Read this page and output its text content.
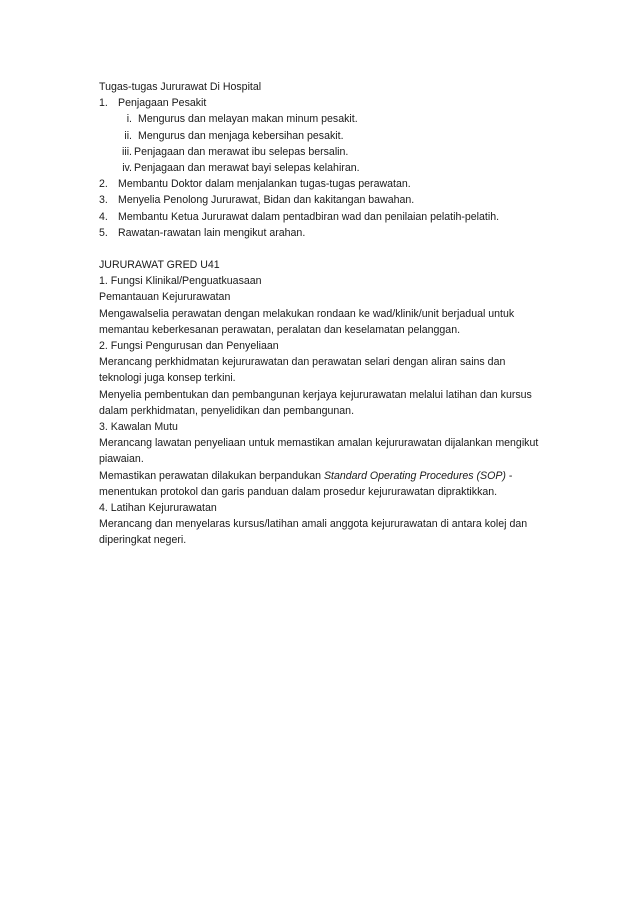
Tugas-tugas Jururawat Di Hospital
1. Penjagaan Pesakit
i. Mengurus dan melayan makan minum pesakit.
ii. Mengurus dan menjaga kebersihan pesakit.
iii. Penjagaan dan merawat ibu selepas bersalin.
iv. Penjagaan dan merawat bayi selepas kelahiran.
2. Membantu Doktor dalam menjalankan tugas-tugas perawatan.
3. Menyelia Penolong Jururawat, Bidan dan kakitangan bawahan.
4. Membantu Ketua Jururawat dalam pentadbiran wad dan penilaian pelatih-pelatih.
5. Rawatan-rawatan lain mengikut arahan.
JURURAWAT GRED U41
1. Fungsi Klinikal/Penguatkuasaan
Pemantauan Kejururawatan
Mengawalselia perawatan dengan melakukan rondaan ke wad/klinik/unit berjadual untuk memantau keberkesanan perawatan, peralatan dan keselamatan pelanggan.
2. Fungsi Pengurusan dan Penyeliaan
Merancang perkhidmatan kejururawatan dan perawatan selari dengan aliran sains dan teknologi juga konsep terkini.
Menyelia pembentukan dan pembangunan kerjaya kejururawatan melalui latihan dan kursus dalam perkhidmatan, penyelidikan dan pembangunan.
3. Kawalan Mutu
Merancang lawatan penyeliaan untuk memastikan amalan kejururawatan dijalankan mengikut piawaian.
Memastikan perawatan dilakukan berpandukan Standard Operating Procedures (SOP) - menentukan protokol dan garis panduan dalam prosedur kejururawatan dipraktikkan.
4. Latihan Kejururawatan
Merancang dan menyelaras kursus/latihan amali anggota kejururawatan di antara kolej dan diperingkat negeri.
